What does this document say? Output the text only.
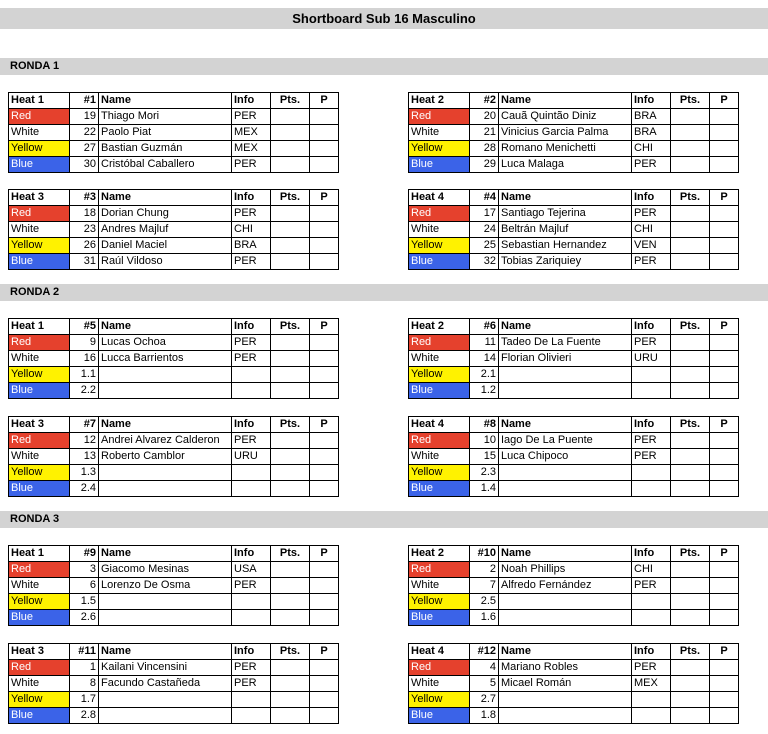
Shortboard Sub 16 Masculino
RONDA 1
Heat 1	#1	Name	Info	Pts.	P
Red	19	Thiago Mori	PER		
White	22	Paolo Piat	MEX		
Yellow	27	Bastian Guzmán	MEX		
Blue	30	Cristóbal Caballero	PER		
Heat 2	#2	Name	Info	Pts.	P
Red	20	Cauã Quintão Diniz	BRA		
White	21	Vinicius Garcia Palma	BRA		
Yellow	28	Romano Menichetti	CHI		
Blue	29	Luca Malaga	PER		
Heat 3	#3	Name	Info	Pts.	P
Red	18	Dorian Chung	PER		
White	23	Andres Majluf	CHI		
Yellow	26	Daniel Maciel	BRA		
Blue	31	Raúl Vildoso	PER		
Heat 4	#4	Name	Info	Pts.	P
Red	17	Santiago Tejerina	PER		
White	24	Beltrán Majluf	CHI		
Yellow	25	Sebastian Hernandez	VEN		
Blue	32	Tobias Zariquiey	PER		
RONDA 2
Heat 1	#5	Name	Info	Pts.	P
Red	9	Lucas Ochoa	PER		
White	16	Lucca Barrientos	PER		
Yellow	1.1				
Blue	2.2				
Heat 2	#6	Name	Info	Pts.	P
Red	11	Tadeo De La Fuente	PER		
White	14	Florian Olivieri	URU		
Yellow	2.1				
Blue	1.2				
Heat 3	#7	Name	Info	Pts.	P
Red	12	Andrei Alvarez Calderon	PER		
White	13	Roberto Camblor	URU		
Yellow	1.3				
Blue	2.4				
Heat 4	#8	Name	Info	Pts.	P
Red	10	Iago De La Puente	PER		
White	15	Luca Chipoco	PER		
Yellow	2.3				
Blue	1.4				
RONDA 3
Heat 1	#9	Name	Info	Pts.	P
Red	3	Giacomo Mesinas	USA		
White	6	Lorenzo De Osma	PER		
Yellow	1.5				
Blue	2.6				
Heat 2	#10	Name	Info	Pts.	P
Red	2	Noah Phillips	CHI		
White	7	Alfredo Fernández	PER		
Yellow	2.5				
Blue	1.6				
Heat 3	#11	Name	Info	Pts.	P
Red	1	Kailani Vincensini	PER		
White	8	Facundo Castañeda	PER		
Yellow	1.7				
Blue	2.8				
Heat 4	#12	Name	Info	Pts.	P
Red	4	Mariano Robles	PER		
White	5	Micael Román	MEX		
Yellow	2.7				
Blue	1.8				
